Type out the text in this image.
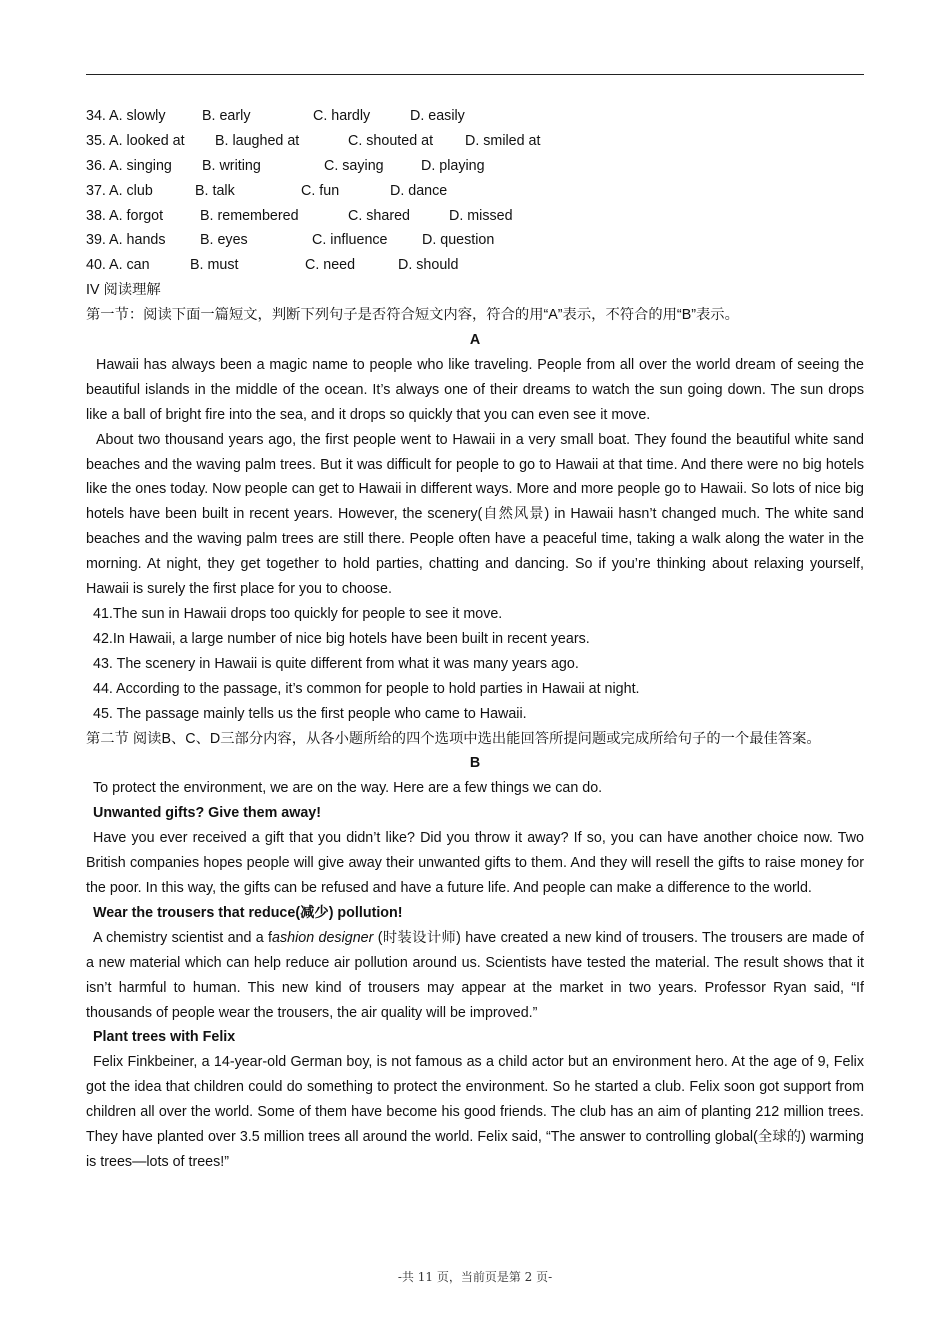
34. A. slowly	B. early	C. hardly	D. easily
35. A. looked at B. laughed at	C. shouted at D. smiled at
36. A. singing B. writing	C. saying	D. playing
37. A. club	B. talk	C. fun	D. dance
38. A. forgot	B. remembered	C. shared	D. missed
39. A. hands B. eyes	C. influence D. question
40. A. can	B. must	C. need	D. should
IV 阅读理解
第一节：阅读下面一篇短文，判断下列句子是否符合短文内容，符合的用“A”表示，不符合的用“B”表示。
A
Hawaii has always been a magic name to people who like traveling. People from all over the world dream of seeing the beautiful islands in the middle of the ocean. It’s always one of their dreams to watch the sun going down. The sun drops like a ball of bright fire into the sea, and it drops so quickly that you can even see it move.
About two thousand years ago, the first people went to Hawaii in a very small boat. They found the beautiful white sand beaches and the waving palm trees. But it was difficult for people to go to Hawaii at that time. And there were no big hotels like the ones today. Now people can get to Hawaii in different ways. More and more people go to Hawaii. So lots of nice big hotels have been built in recent years. However, the scenery(自然风景) in Hawaii hasn’t changed much. The white sand beaches and the waving palm trees are still there. People often have a peaceful time, taking a walk along the water in the morning. At night, they get together to hold parties, chatting and dancing. So if you’re thinking about relaxing yourself, Hawaii is surely the first place for you to choose.
41.The sun in Hawaii drops too quickly for people to see it move.
42.In Hawaii, a large number of nice big hotels have been built in recent years.
43. The scenery in Hawaii is quite different from what it was many years ago.
44. According to the passage, it’s common for people to hold parties in Hawaii at night.
45. The passage mainly tells us the first people who came to Hawaii.
第二节 阅读B、C、D三部分内容，从各小题所给的四个选项中选出能回答所提问题或完成所给句子的一个最佳答案。
B
To protect the environment, we are on the way. Here are a few things we can do.
Unwanted gifts? Give them away!
Have you ever received a gift that you didn’t like? Did you throw it away? If so, you can have another choice now. Two British companies hopes people will give away their unwanted gifts to them. And they will resell the gifts to raise money for the poor. In this way, the gifts can be refused and have a future life. And people can make a difference to the world.
Wear the trousers that reduce(减少) pollution!
A chemistry scientist and a fashion designer (时装设计师) have created a new kind of trousers. The trousers are made of a new material which can help reduce air pollution around us. Scientists have tested the material. The result shows that it isn’t harmful to human. This new kind of trousers may appear at the market in two years. Professor Ryan said, “If thousands of people wear the trousers, the air quality will be improved.”
Plant trees with Felix
Felix Finkbeiner, a 14-year-old German boy, is not famous as a child actor but an environment hero. At the age of 9, Felix got the idea that children could do something to protect the environment. So he started a club. Felix soon got support from children all over the world. Some of them have become his good friends. The club has an aim of planting 212 million trees. They have planted over 3.5 million trees all around the world. Felix said, “The answer to controlling global(全球的) warming is trees—lots of trees!”
-共 11 页，当前页是第 2 页-
